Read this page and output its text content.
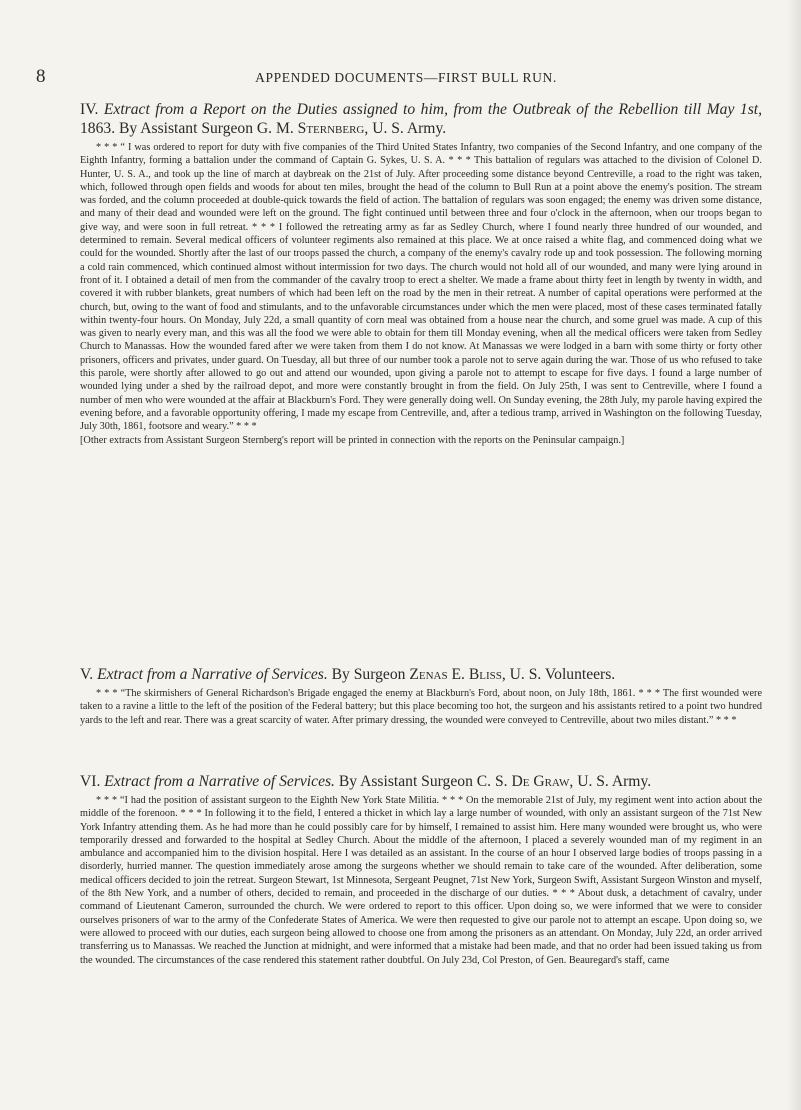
8	APPENDED DOCUMENTS—FIRST BULL RUN.
IV. Extract from a Report on the Duties assigned to him, from the Outbreak of the Rebellion till May 1st, 1863. By Assistant Surgeon G. M. Sternberg, U. S. Army.

* * * “ I was ordered to report for duty with five companies of the Third United States Infantry, two companies of the Second Infantry, and one company of the Eighth Infantry, forming a battalion under the command of Captain G. Sykes, U. S. A. * * * This battalion of regulars was attached to the division of Colonel D. Hunter, U. S. A., and took up the line of march at daybreak on the 21st of July. After proceeding some distance beyond Centreville, a road to the right was taken, which, followed through open fields and woods for about ten miles, brought the head of the column to Bull Run at a point above the enemy's position. The stream was forded, and the column proceeded at double-quick towards the field of action. The battalion of regulars was soon engaged; the enemy was driven some distance, and many of their dead and wounded were left on the ground. The fight continued until between three and four o'clock in the afternoon, when our troops began to give way, and were soon in full retreat. * * * I followed the retreating army as far as Sedley Church, where I found nearly three hundred of our wounded, and determined to remain. Several medical officers of volunteer regiments also remained at this place. We at once raised a white flag, and commenced doing what we could for the wounded. Shortly after the last of our troops passed the church, a company of the enemy's cavalry rode up and took possession. The following morning a cold rain commenced, which continued almost without intermission for two days. The church would not hold all of our wounded, and many were lying around in front of it. I obtained a detail of men from the commander of the cavalry troop to erect a shelter. We made a frame about thirty feet in length by twenty in width, and covered it with rubber blankets, great numbers of which had been left on the road by the men in their retreat. A number of capital operations were performed at the church, but, owing to the want of food and stimulants, and to the unfavorable circumstances under which the men were placed, most of these cases terminated fatally within twenty-four hours. On Monday, July 22d, a small quantity of corn meal was obtained from a house near the church, and some gruel was made. A cup of this was given to nearly every man, and this was all the food we were able to obtain for them till Monday evening, when all the medical officers were taken from Sedley Church to Manassas. How the wounded fared after we were taken from them I do not know. At Manassas we were lodged in a barn with some thirty or forty other prisoners, officers and privates, under guard. On Tuesday, all but three of our number took a parole not to serve again during the war. Those of us who refused to take this parole, were shortly after allowed to go out and attend our wounded, upon giving a parole not to attempt to escape for five days. I found a large number of wounded lying under a shed by the railroad depot, and more were constantly brought in from the field. On July 25th, I was sent to Centreville, where I found a number of men who were wounded at the affair at Blackburn's Ford. They were generally doing well. On Sunday evening, the 28th July, my parole having expired the evening before, and a favorable opportunity offering, I made my escape from Centreville, and, after a tedious tramp, arrived in Washington on the following Tuesday, July 30th, 1861, footsore and weary.” * * *

[Other extracts from Assistant Surgeon Sternberg's report will be printed in connection with the reports on the Peninsular campaign.]

V. Extract from a Narrative of Services. By Surgeon Zenas E. Bliss, U. S. Volunteers.

* * * “The skirmishers of General Richardson's Brigade engaged the enemy at Blackburn's Ford, about noon, on July 18th, 1861. * * * The first wounded were taken to a ravine a little to the left of the position of the Federal battery; but this place becoming too hot, the surgeon and his assistants retired to a point two hundred yards to the left and rear. There was a great scarcity of water. After primary dressing, the wounded were conveyed to Centreville, about two miles distant.” * * *

VI. Extract from a Narrative of Services. By Assistant Surgeon C. S. De Graw, U. S. Army.

* * * “I had the position of assistant surgeon to the Eighth New York State Militia. * * * On the memorable 21st of July, my regiment went into action about the middle of the forenoon. * * * In following it to the field, I entered a thicket in which lay a large number of wounded, with only an assistant surgeon of the 71st New York Infantry attending them. As he had more than he could possibly care for by himself, I remained to assist him. Here many wounded were brought us, who were temporarily dressed and forwarded to the hospital at Sedley Church. About the middle of the afternoon, I placed a severely wounded man of my regiment in an ambulance and accompanied him to the division hospital. Here I was detailed as an assistant. In the course of an hour I observed large bodies of troops passing in a disorderly, hurried manner. The question immediately arose among the surgeons whether we should remain to take care of the wounded. After deliberation, some medical officers decided to join the retreat. Surgeon Stewart, 1st Minnesota, Sergeant Peugnet, 71st New York, Surgeon Swift, Assistant Surgeon Winston and myself, of the 8th New York, and a number of others, decided to remain, and proceeded in the discharge of our duties. * * * About dusk, a detachment of cavalry, under command of Lieutenant Cameron, surrounded the church. We were ordered to report to this officer. Upon doing so, we were informed that we were to consider ourselves prisoners of war to the army of the Confederate States of America. We were then requested to give our parole not to attempt an escape. Upon doing so, we were allowed to proceed with our duties, each surgeon being allowed to choose one from among the prisoners as an attendant. On Monday, July 22d, an order arrived transferring us to Manassas. We reached the Junction at midnight, and were informed that a mistake had been made, and that no order had been issued taking us from the wounded. The circumstances of the case rendered this statement rather doubtful. On July 23d, Col Preston, of Gen. Beauregard's staff, came
